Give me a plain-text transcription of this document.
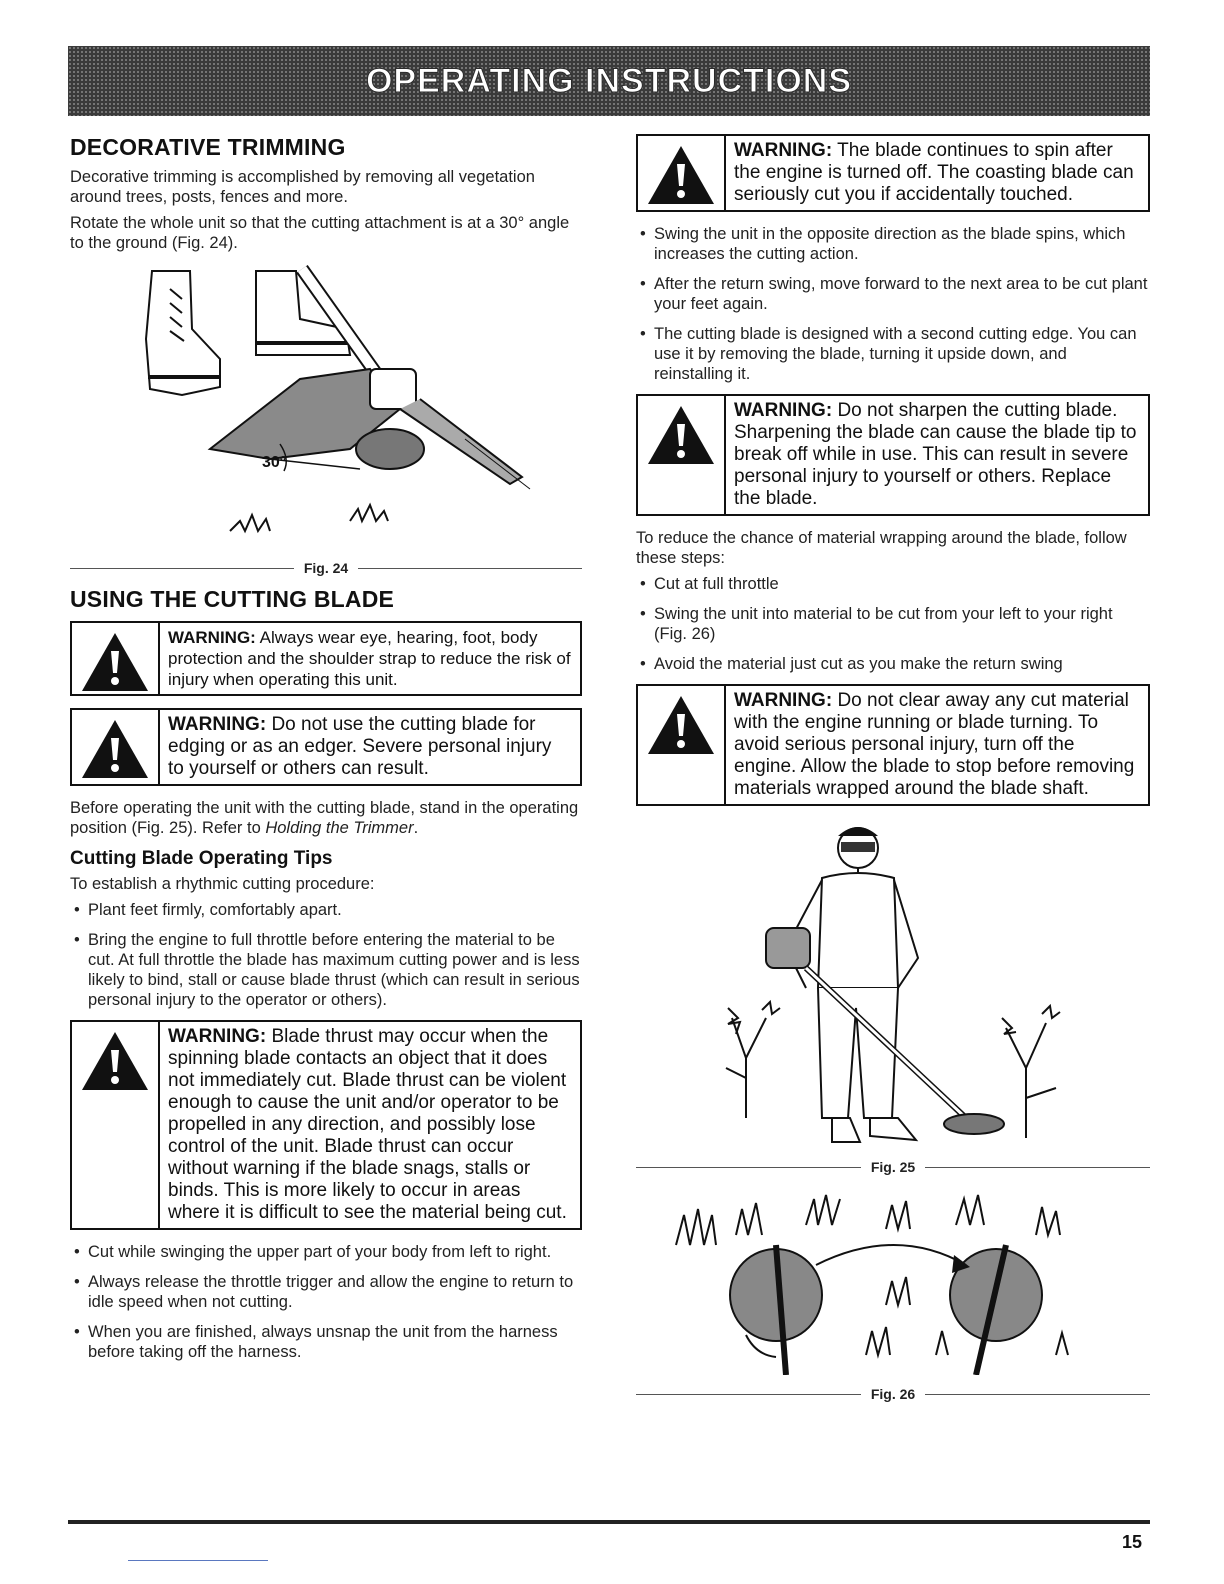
OPERATING INSTRUCTIONS
DECORATIVE TRIMMING

Decorative trimming is accomplished by removing all vegetation around trees, posts, fences and more.

Rotate the whole unit so that the cutting attachment is at a 30° angle to the ground (Fig. 24).

30°
Fig. 24
USING THE CUTTING BLADE
WARNING: Always wear eye, hearing, foot, body protection and the shoulder strap to reduce the risk of injury when operating this unit.
WARNING: Do not use the cutting blade for edging or as an edger. Severe personal injury to yourself or others can result.

Before operating the unit with the cutting blade, stand in the operating position (Fig. 25). Refer to Holding the Trimmer.

Cutting Blade Operating Tips

To establish a rhythmic cutting procedure:

• Plant feet firmly, comfortably apart.
• Bring the engine to full throttle before entering the material to be cut. At full throttle the blade has maximum cutting power and is less likely to bind, stall or cause blade thrust (which can result in serious personal injury to the operator or others).
WARNING: Blade thrust may occur when the spinning blade contacts an object that it does not immediately cut. Blade thrust can be violent enough to cause the unit and/or operator to be propelled in any direction, and possibly lose control of the unit. Blade thrust can occur without warning if the blade snags, stalls or binds. This is more likely to occur in areas where it is difficult to see the material being cut.
• Cut while swinging the upper part of your body from left to right.
• Always release the throttle trigger and allow the engine to return to idle speed when not cutting.
• When you are finished, always unsnap the unit from the harness before taking off the harness.
WARNING: The blade continues to spin after the engine is turned off. The coasting blade can seriously cut you if accidentally touched.
• Swing the unit in the opposite direction as the blade spins, which increases the cutting action.
• After the return swing, move forward to the next area to be cut plant your feet again.
• The cutting blade is designed with a second cutting edge. You can use it by removing the blade, turning it upside down, and reinstalling it.
WARNING: Do not sharpen the cutting blade. Sharpening the blade can cause the blade tip to break off while in use. This can result in severe personal injury to yourself or others. Replace the blade.

To reduce the chance of material wrapping around the blade, follow these steps:

• Cut at full throttle
• Swing the unit into material to be cut from your left to your right (Fig. 26)
• Avoid the material just cut as you make the return swing
WARNING: Do not clear away any cut material with the engine running or blade turning. To avoid serious personal injury, turn off the engine. Allow the blade to stop before removing materials wrapped around the blade shaft.
Fig. 25
Fig. 26
15
